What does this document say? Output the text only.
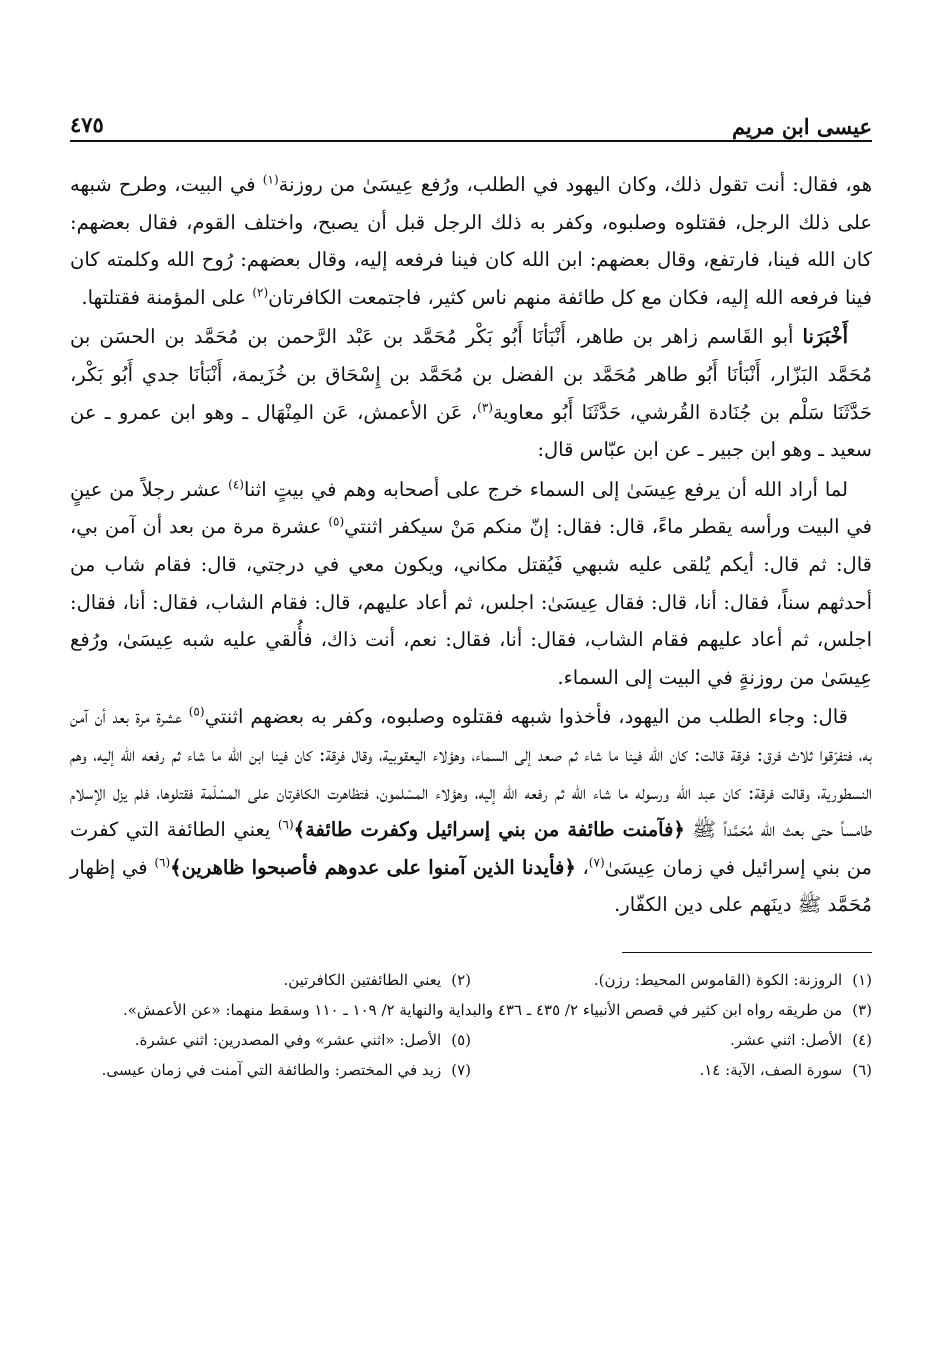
عيسى ابن مريم
٤٧٥

هو، فقال: أنت تقول ذلك، وكان اليهود في الطلب، ورُفع عِيسَىٰ من روزنة$^{(١)}$ في البيت، وطرح شبهه على ذلك الرجل، فقتلوه وصلبوه، وكفر به ذلك الرجل قبل أن يصبح، واختلف القوم، فقال بعضهم: كان الله فينا، فارتفع، وقال بعضهم: ابن الله كان فينا فرفعه إليه، وقال بعضهم: رُوح الله وكلمته كان فينا فرفعه الله إليه، فكان مع كل طائفة منهم ناس كثير، فاجتمعت الكافرتان$^{(٢)}$ على المؤمنة فقتلتها.

أَخْبَرَنا أبو القَاسم زاهر بن طاهر، أَنْبَأنَا أَبُو بَكْر مُحَمَّد بن عَبْد الرَّحمن بن مُحَمَّد بن الحسَن بن مُحَمَّد البَزّار، أَنْبَأنَا أَبُو طاهر مُحَمَّد بن الفضل بن مُحَمَّد بن إِسْحَاق بن خُزَيمة، أَنْبَأنَا جدي أَبُو بَكْر، حَدَّثَنَا سَلْم بن جُنَادة القُرشي، حَدَّثَنَا أَبُو معاوية$^{(٣)}$، عَن الأعمش، عَن المِنْهَال ـ وهو ابن عمرو ـ عن سعيد ـ وهو ابن جبير ـ عن ابن عبّاس قال:

لما أراد الله أن يرفع عِيسَىٰ إلى السماء خرج على أصحابه وهم في بيتٍ اثنا$^{(٤)}$ عشر رجلاً من عينٍ في البيت ورأسه يقطر ماءً، قال: فقال: إنّ منكم مَنْ سيكفر اثنتي$^{(٥)}$ عشرة مرة من بعد أن آمن بي، قال: ثم قال: أيكم يُلقى عليه شبهي فَيُقتل مكاني، ويكون معي في درجتي، قال: فقام شاب من أحدثهم سناً، فقال: أنا، قال: فقال عِيسَىٰ: اجلس، ثم أعاد عليهم، قال: فقام الشاب، فقال: أنا، فقال: اجلس، ثم أعاد عليهم فقام الشاب، فقال: أنا، فقال: نعم، أنت ذاك، فأُلقي عليه شبه عِيسَىٰ، ورُفع عِيسَىٰ من روزنةٍ في البيت إلى السماء.

قال: وجاء الطلب من اليهود، فأخذوا شبهه فقتلوه وصلبوه، وكفر به بعضهم اثنتي$^{(٥)}$ عشرة مرة بعد أن آمن به، فتفرّقوا ثلاث فرق: فرقة قالت: كان الله فينا ما شاء ثم صعد إلى السماء، وهؤلاء اليعقوبية، وقال فرقة: كان فينا ابن الله ما شاء ثم رفعه الله إليه، وهم النسطورية، وقالت فرقة: كان عبد الله ورسوله ما شاء الله ثم رفعه الله إليه، وهؤلاء المسْلمون، فتظاهرت الكافرتان على المسْلَمة فقتلوها، فلم يزل الإسلام طامساً حتى بعث الله مُحَمَّداً ﷺ ﴿فآمنت طائفة من بني إسرائيل وكفرت طائفة﴾$^{(٦)}$ يعني الطائفة التي كفرت من بني إسرائيل في زمان عِيسَىٰ$^{(٧)}$، ﴿فأيدنا الذين آمنوا على عدوهم فأصبحوا ظاهرين﴾$^{(٦)}$ في إظهار مُحَمَّد ﷺ دينَهم على دين الكفّار.

(١)الروزنة: الكوة (القاموس المحيط: رزن).
(٢)يعني الطائفتين الكافرتين.
(٣)من طريقه رواه ابن كثير في قصص الأنبياء ٢/ ٤٣٥ ـ ٤٣٦ والبداية والنهاية ٢/ ١٠٩ ـ ١١٠ وسقط منهما: «عن الأعمش».
(٤)الأصل: اثني عشر.
(٥)الأصل: «اثني عشر» وفي المصدرين: اثني عشرة.
(٦)سورة الصف، الآية: ١٤.
(٧)زيد في المختصر: والطائفة التي آمنت في زمان عيسى.
